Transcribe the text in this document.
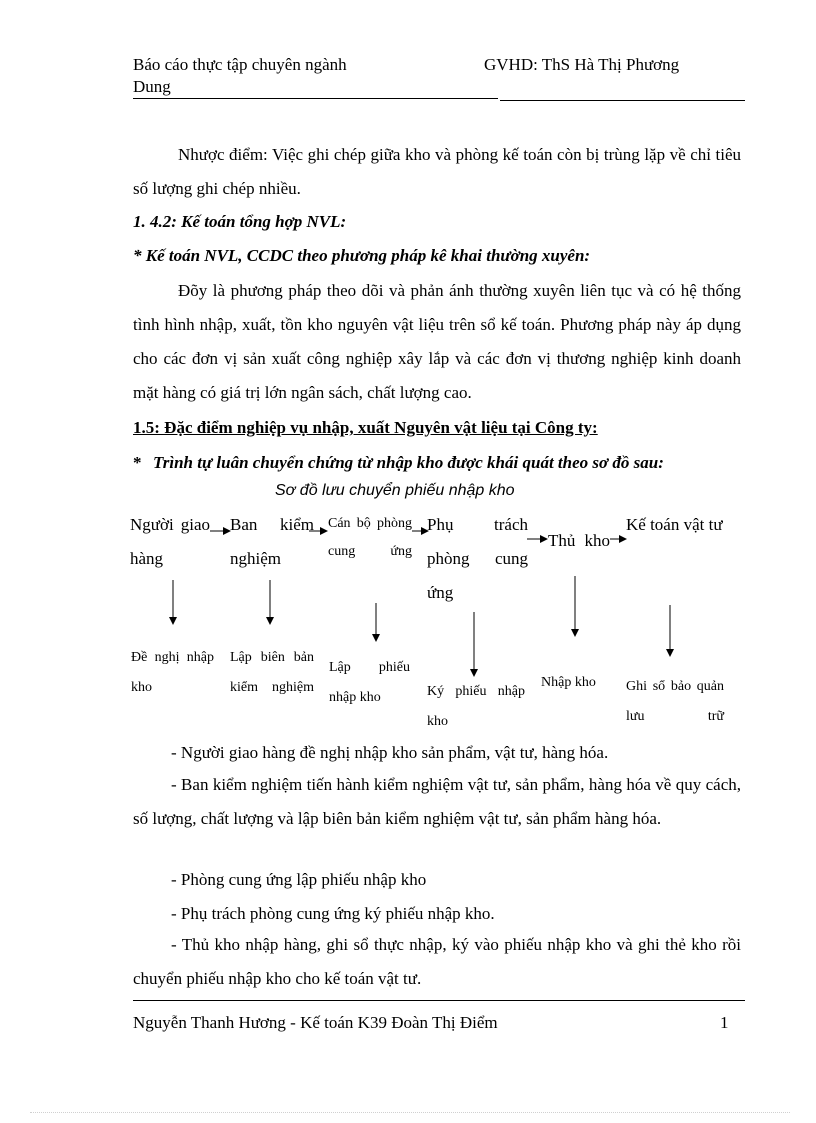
Báo cáo thực tập chuyên ngành
Dung
GVHD: ThS Hà Thị Phương
Nhược điểm: Việc ghi chép giữa kho và phòng kế toán còn bị trùng lặp về chỉ tiêu số lượng ghi chép nhiều.
1. 4.2: Kế toán tổng hợp NVL:
* Kế toán NVL, CCDC theo phương pháp kê khai thường xuyên:
Đõy là phương pháp theo dõi và phản ánh thường xuyên liên tục và có hệ thống tình hình nhập, xuất, tồn kho nguyên vật liệu trên sổ kế toán. Phương pháp này áp dụng cho các đơn vị sản xuất công nghiệp xây lắp và các đơn vị thương nghiệp kinh doanh mặt hàng có giá trị lớn ngân sách, chất lượng cao.
1.5: Đặc điểm nghiệp vụ nhập, xuất Nguyên vật liệu tại Công ty:
* Trình tự luân chuyển chứng từ nhập kho được khái quát theo sơ đồ sau:
Sơ đồ lưu chuyển phiếu nhập kho
Người giao hàng
Ban kiểm nghiệm
Cán bộ phòng cung ứng
Phụ trách phòng cung ứng
Thủ kho
Kế toán vật tư
Đề nghị nhập kho
Lập biên bản kiểm nghiệm
Lập phiếu nhập kho	Ký phiếu nhập kho
Nhập kho	Ghi sổ bảo quản lưu trữ
- Người giao hàng đề nghị nhập kho sản phẩm, vật tư, hàng hóa.
- Ban kiểm nghiệm tiến hành kiểm nghiệm vật tư, sản phẩm, hàng hóa về quy cách, số lượng, chất lượng và lập biên bản kiểm nghiệm vật tư, sản phẩm hàng hóa.
- Phòng cung ứng lập phiếu nhập kho
- Phụ trách phòng cung ứng ký phiếu nhập kho.
- Thủ kho nhập hàng, ghi sổ thực nhập, ký vào phiếu nhập kho và ghi thẻ kho rồi chuyển phiếu nhập kho cho kế toán vật tư.
Nguyễn Thanh Hương - Kế toán K39 Đoàn Thị Điểm	1
